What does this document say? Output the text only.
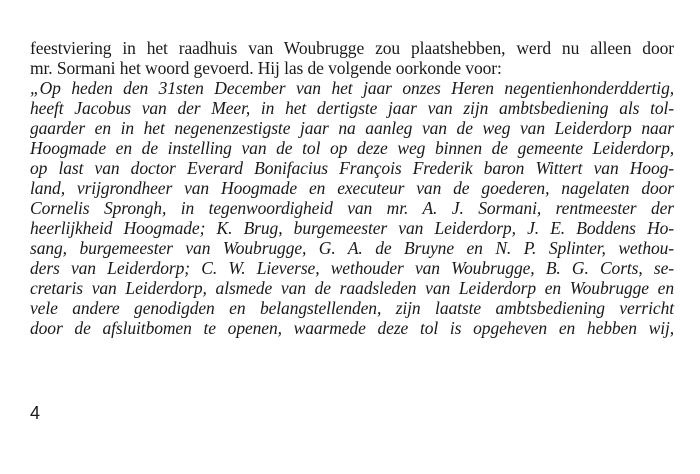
feestviering in het raadhuis van Woubrugge zou plaatshebben, werd nu alleen door
mr. Sormani het woord gevoerd. Hij las de volgende oorkonde voor:
„Op heden den 31sten December van het jaar onzes Heren negentienhonderddertig,
heeft Jacobus van der Meer, in het dertigste jaar van zijn ambtsbediening als tol-
gaarder en in het negenenzestigste jaar na aanleg van de weg van Leiderdorp naar
Hoogmade en de instelling van de tol op deze weg binnen de gemeente Leiderdorp,
op last van doctor Everard Bonifacius François Frederik baron Wittert van Hoog-
land, vrijgrondheer van Hoogmade en executeur van de goederen, nagelaten door
Cornelis Sprongh, in tegenwoordigheid van mr. A. J. Sormani, rentmeester der
heerlijkheid Hoogmade; K. Brug, burgemeester van Leiderdorp, J. E. Boddens Ho-
sang, burgemeester van Woubrugge, G. A. de Bruyne en N. P. Splinter, wethou-
ders van Leiderdorp; C. W. Lieverse, wethouder van Woubrugge, B. G. Corts, se-
cretaris van Leiderdorp, alsmede van de raadsleden van Leiderdorp en Woubrugge en
vele andere genodigden en belangstellenden, zijn laatste ambtsbediening verricht
door de afsluitbomen te openen, waarmede deze tol is opgeheven en hebben wij,
4
